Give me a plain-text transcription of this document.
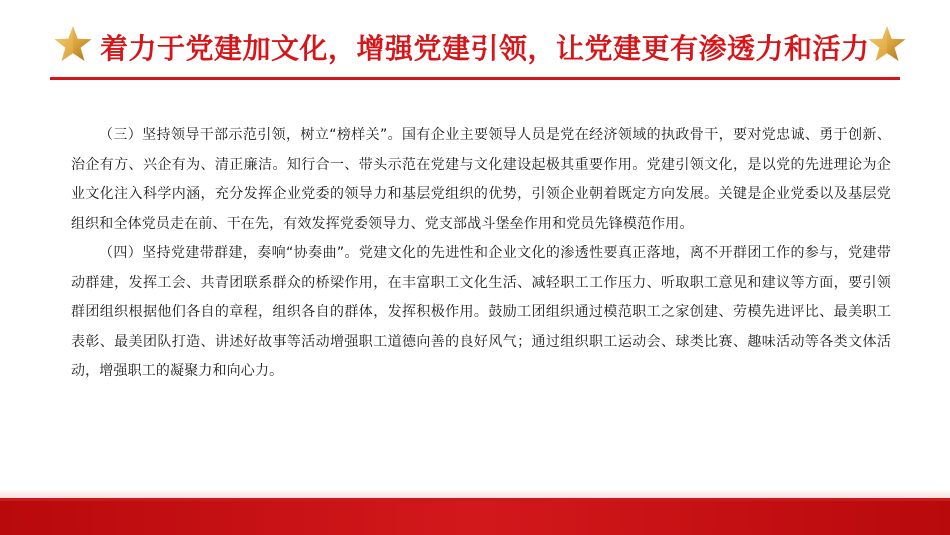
着力于党建加文化，增强党建引领，让党建更有渗透力和活力

（三）坚持领导干部示范引领，树立“榜样关”。国有企业主要领导人员是党在经济领域的执政骨干，要对党忠诚、勇于创新、治企有方、兴企有为、清正廉洁。知行合一、带头示范在党建与文化建设起极其重要作用。党建引领文化，是以党的先进理论为企业文化注入科学内涵，充分发挥企业党委的领导力和基层党组织的优势，引领企业朝着既定方向发展。关键是企业党委以及基层党组织和全体党员走在前、干在先，有效发挥党委领导力、党支部战斗堡垒作用和党员先锋模范作用。

（四）坚持党建带群建，奏响“协奏曲”。党建文化的先进性和企业文化的渗透性要真正落地，离不开群团工作的参与，党建带动群建，发挥工会、共青团联系群众的桥梁作用，在丰富职工文化生活、减轻职工工作压力、听取职工意见和建议等方面，要引领群团组织根据他们各自的章程，组织各自的群体，发挥积极作用。鼓励工团组织通过模范职工之家创建、劳模先进评比、最美职工表彰、最美团队打造、讲述好故事等活动增强职工道德向善的良好风气；通过组织职工运动会、球类比赛、趣味活动等各类文体活动，增强职工的凝聚力和向心力。
